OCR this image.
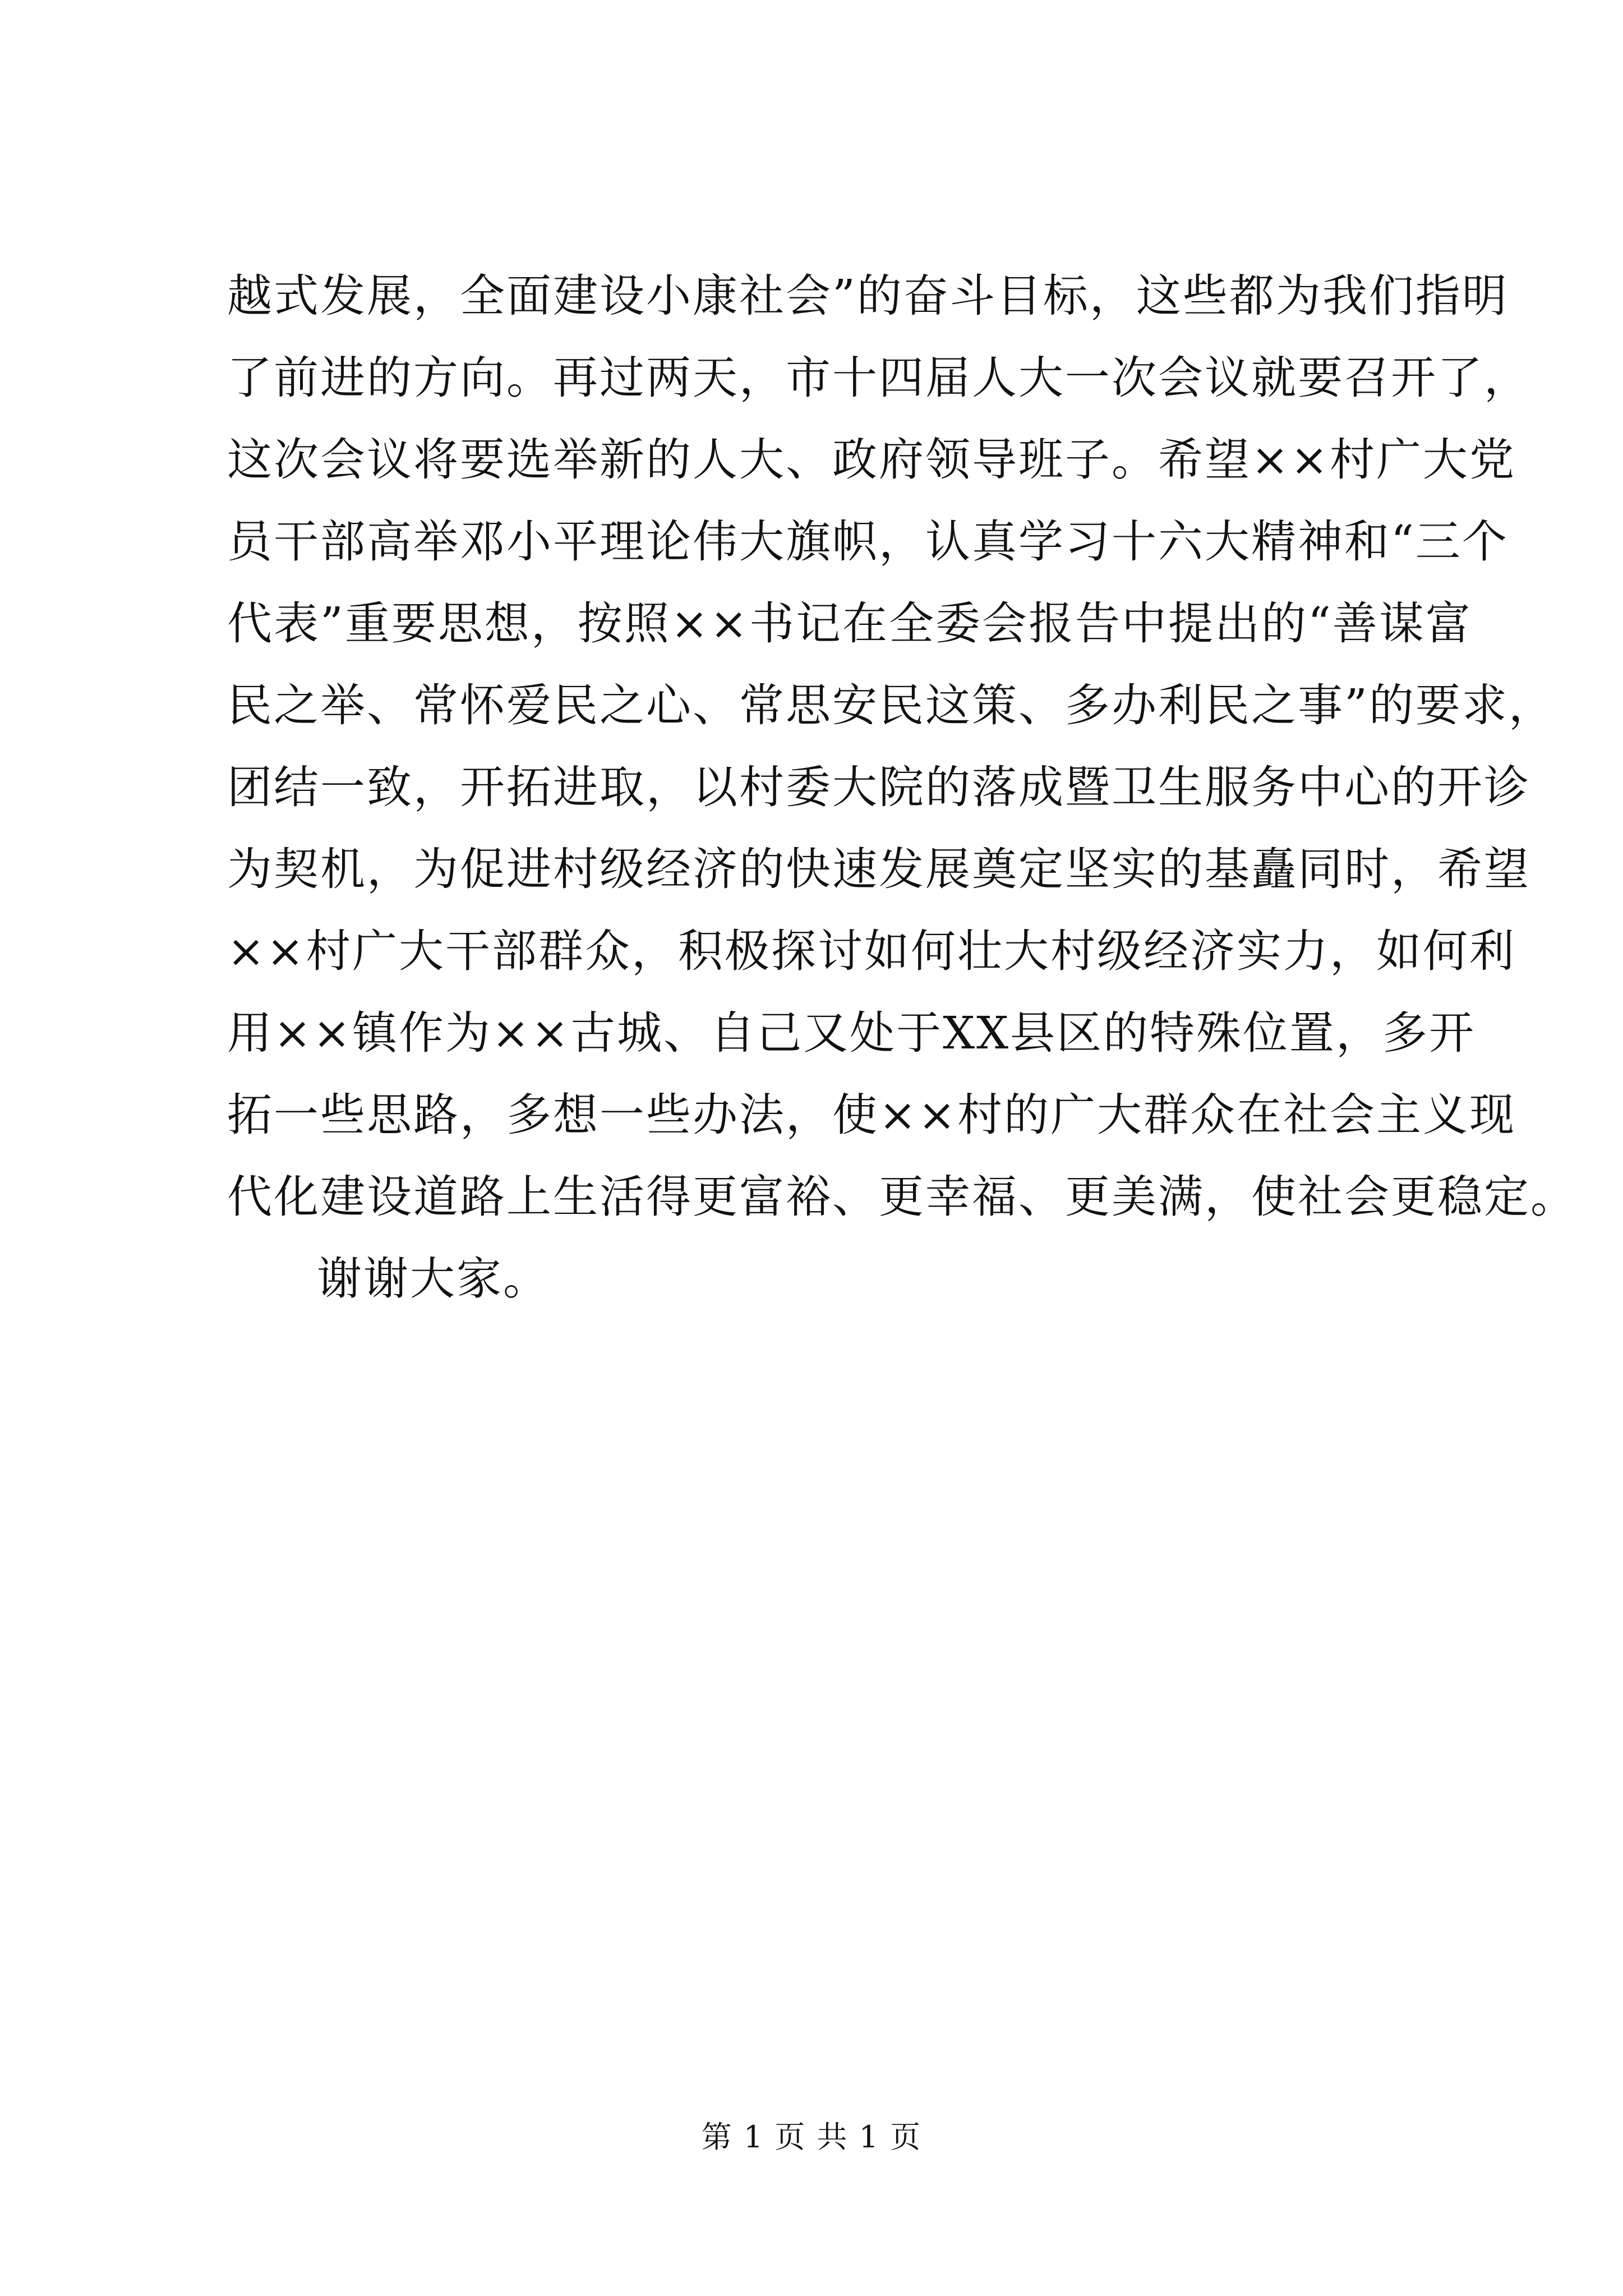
越式发展，全面建设小康社会”的奋斗目标，这些都为我们指明
了前进的方向。再过两天，市十四届人大一次会议就要召开了，
这次会议将要选举新的人大、政府领导班子。希望××村广大党
员干部高举邓小平理论伟大旗帜，认真学习十六大精神和“三个
代表”重要思想，按照××书记在全委会报告中提出的“善谋富
民之举、常怀爱民之心、常思安民这策、多办利民之事”的要求，
团结一致，开拓进取，以村委大院的落成暨卫生服务中心的开诊
为契机，为促进村级经济的快速发展奠定坚实的基矗同时，希望
××村广大干部群众，积极探讨如何壮大村级经济实力，如何利
用××镇作为××古城、自己又处于XX县区的特殊位置，多开
拓一些思路，多想一些办法，使××村的广大群众在社会主义现
代化建设道路上生活得更富裕、更幸福、更美满，使社会更稳定。
谢谢大家。
第 1 页 共 1 页
